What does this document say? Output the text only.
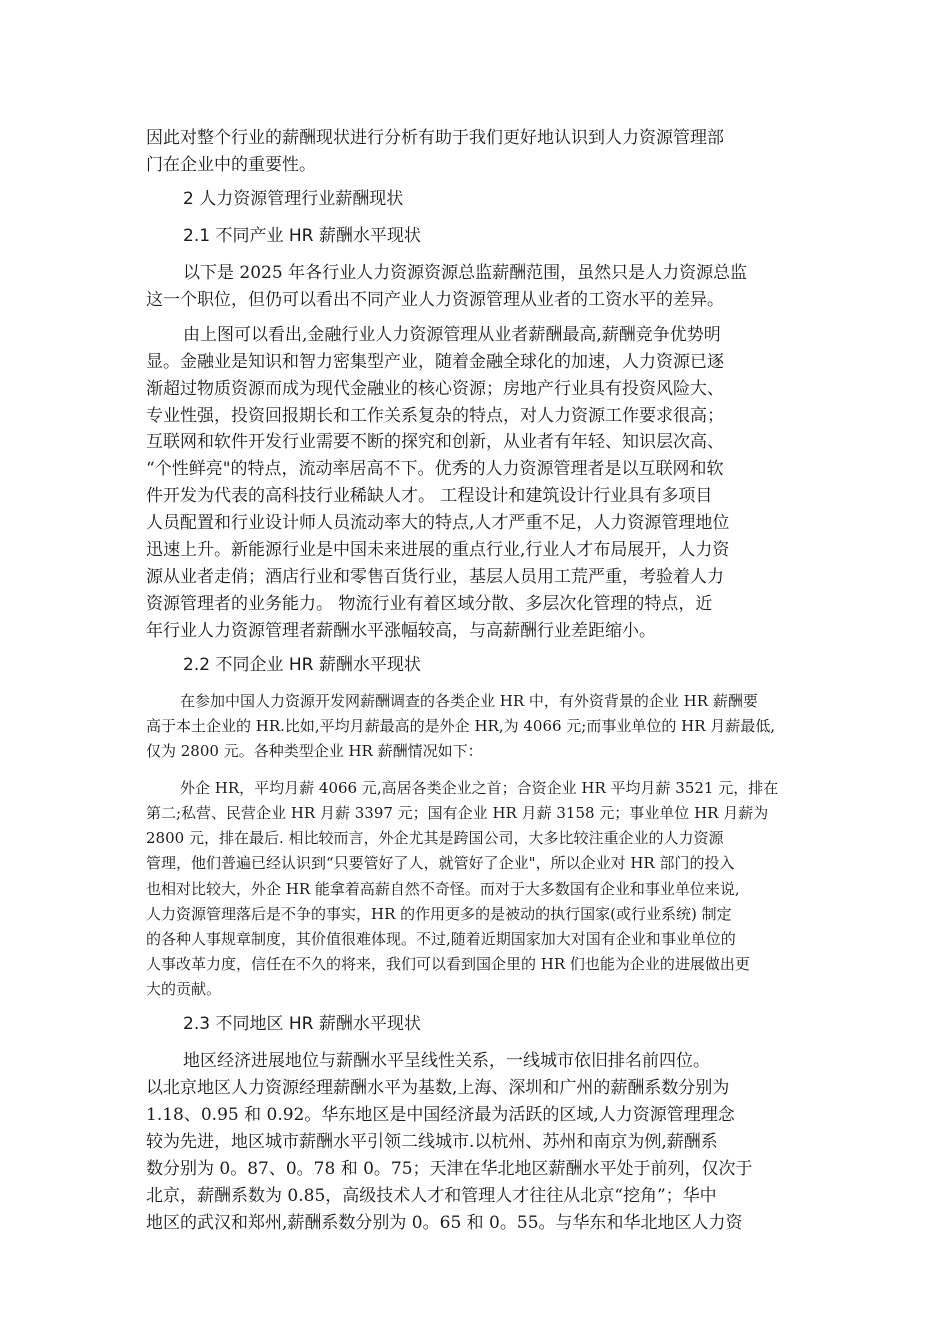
因此对整个行业的薪酬现状进行分析有助于我们更好地认识到人力资源管理部
门在企业中的重要性。
2 人力资源管理行业薪酬现状
2.1 不同产业 HR 薪酬水平现状
以下是 2025 年各行业人力资源资源总监薪酬范围，虽然只是人力资源总监
这一个职位，但仍可以看出不同产业人力资源管理从业者的工资水平的差异。
由上图可以看出,金融行业人力资源管理从业者薪酬最高,薪酬竞争优势明
显。金融业是知识和智力密集型产业，随着金融全球化的加速，人力资源已逐
渐超过物质资源而成为现代金融业的核心资源；房地产行业具有投资风险大、
专业性强，投资回报期长和工作关系复杂的特点，对人力资源工作要求很高；
互联网和软件开发行业需要不断的探究和创新，从业者有年轻、知识层次高、
“个性鲜亮"的特点，流动率居高不下。优秀的人力资源管理者是以互联网和软
件开发为代表的高科技行业稀缺人才。 工程设计和建筑设计行业具有多项目
人员配置和行业设计师人员流动率大的特点,人才严重不足，人力资源管理地位
迅速上升。新能源行业是中国未来进展的重点行业,行业人才布局展开，人力资
源从业者走俏；酒店行业和零售百货行业，基层人员用工荒严重，考验着人力
资源管理者的业务能力。 物流行业有着区域分散、多层次化管理的特点，近
年行业人力资源管理者薪酬水平涨幅较高，与高薪酬行业差距缩小。
2.2 不同企业 HR 薪酬水平现状
在参加中国人力资源开发网薪酬调查的各类企业 HR 中，有外资背景的企业 HR 薪酬要
高于本土企业的 HR.比如,平均月薪最高的是外企 HR,为 4066 元;而事业单位的 HR 月薪最低,
仅为 2800 元。各种类型企业 HR 薪酬情况如下：
外企 HR，平均月薪 4066 元,高居各类企业之首；合资企业 HR 平均月薪 3521 元，排在
第二;私营、民营企业 HR 月薪 3397 元；国有企业 HR 月薪 3158 元；事业单位 HR 月薪为
2800 元，排在最后. 相比较而言，外企尤其是跨国公司，大多比较注重企业的人力资源
管理，他们普遍已经认识到“只要管好了人，就管好了企业"，所以企业对 HR 部门的投入
也相对比较大，外企 HR 能拿着高薪自然不奇怪。而对于大多数国有企业和事业单位来说,
人力资源管理落后是不争的事实，HR 的作用更多的是被动的执行国家(或行业系统) 制定
的各种人事规章制度，其价值很难体现。不过,随着近期国家加大对国有企业和事业单位的
人事改革力度，信任在不久的将来，我们可以看到国企里的 HR 们也能为企业的进展做出更
大的贡献。
2.3 不同地区 HR 薪酬水平现状
地区经济进展地位与薪酬水平呈线性关系，一线城市依旧排名前四位。
以北京地区人力资源经理薪酬水平为基数,上海、深圳和广州的薪酬系数分别为
1.18、0.95 和 0.92。华东地区是中国经济最为活跃的区域,人力资源管理理念
较为先进，地区城市薪酬水平引领二线城市.以杭州、苏州和南京为例,薪酬系
数分别为 0。87、0。78 和 0。75；天津在华北地区薪酬水平处于前列，仅次于
北京，薪酬系数为 0.85，高级技术人才和管理人才往往从北京“挖角”；华中
地区的武汉和郑州,薪酬系数分别为 0。65 和 0。55。与华东和华北地区人力资
